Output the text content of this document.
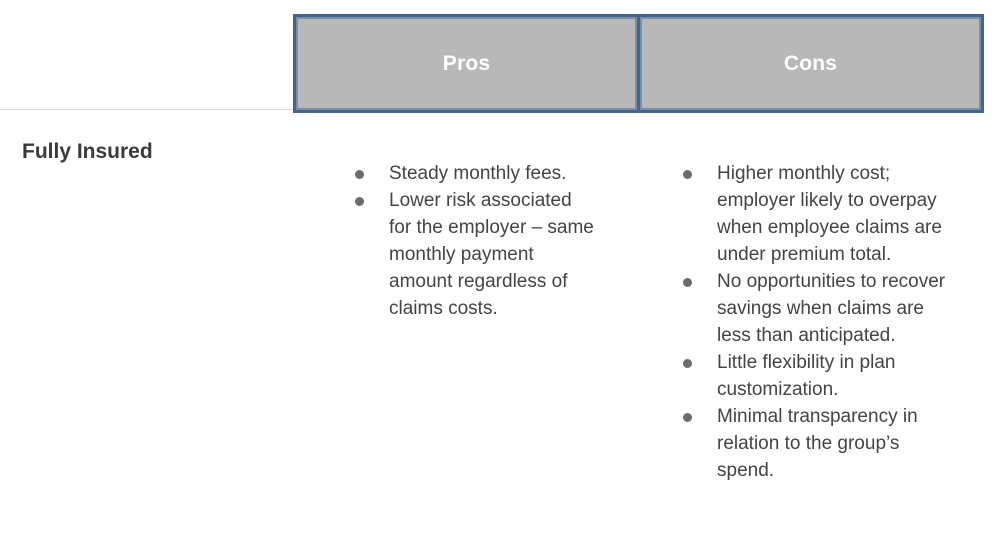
Pros	Cons
Fully Insured
Steady monthly fees.
Lower risk associated for the employer – same monthly payment amount regardless of claims costs.
Higher monthly cost; employer likely to overpay when employee claims are under premium total.
No opportunities to recover savings when claims are less than anticipated.
Little flexibility in plan customization.
Minimal transparency in relation to the group’s spend.
